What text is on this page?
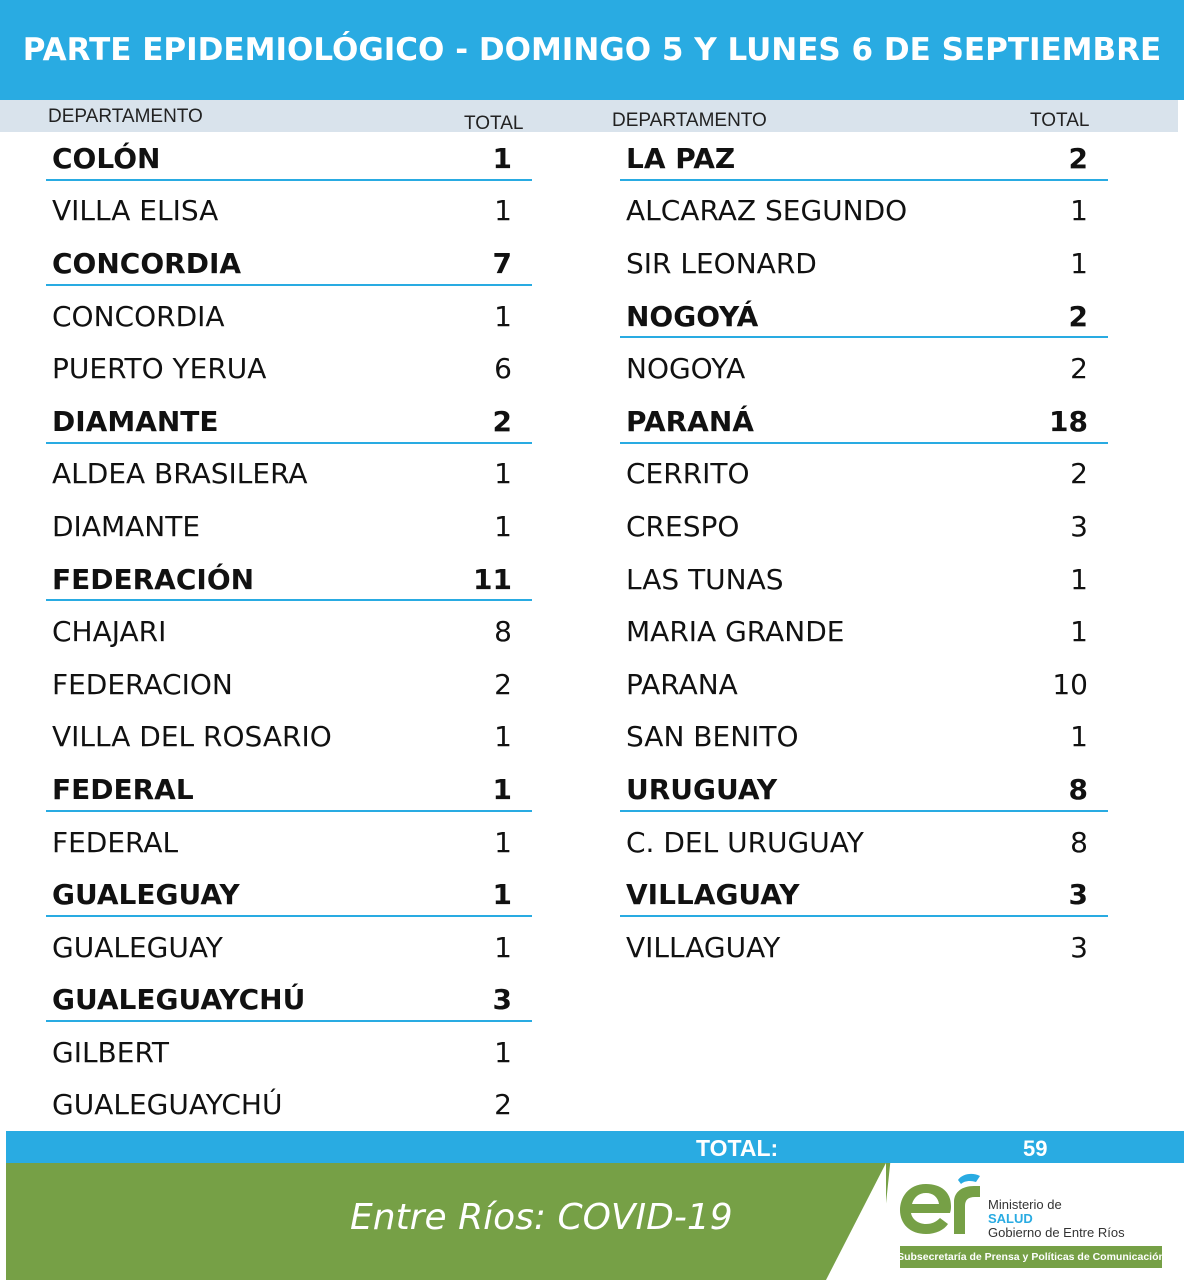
PARTE EPIDEMIOLÓGICO - DOMINGO 5 Y LUNES 6 DE SEPTIEMBRE
DEPARTAMENTO	TOTAL	DEPARTAMENTO	TOTAL
COLÓN	1
VILLA ELISA	1
CONCORDIA	7
CONCORDIA	1
PUERTO YERUA	6
DIAMANTE	2
ALDEA BRASILERA	1
DIAMANTE	1
FEDERACIÓN	11
CHAJARI	8
FEDERACION	2
VILLA DEL ROSARIO	1
FEDERAL	1
FEDERAL	1
GUALEGUAY	1
GUALEGUAY	1
GUALEGUAYCHÚ	3
GILBERT	1
GUALEGUAYCHÚ	2
LA PAZ	2
ALCARAZ SEGUNDO	1
SIR LEONARD	1
NOGOYÁ	2
NOGOYA	2
PARANÁ	18
CERRITO	2
CRESPO	3
LAS TUNAS	1
MARIA GRANDE	1
PARANA	10
SAN BENITO	1
URUGUAY	8
C. DEL URUGUAY	8
VILLAGUAY	3
VILLAGUAY	3
TOTAL:	59
Entre Ríos: COVID-19	Ministerio de
SALUD
Gobierno de Entre Ríos
Subsecretaría de Prensa y Políticas de Comunicación
